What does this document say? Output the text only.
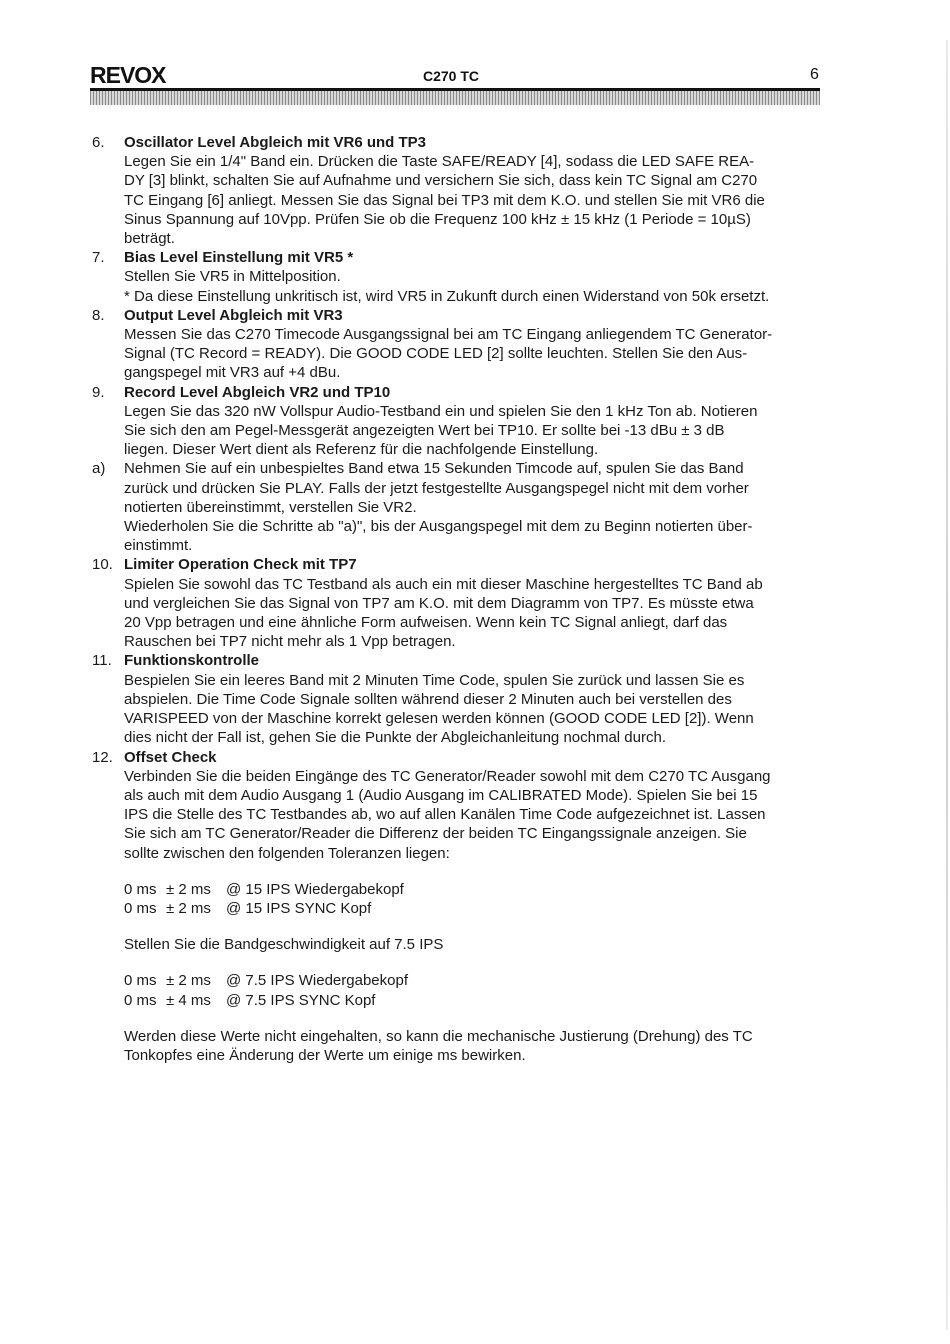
REVOX	C270 TC	6
6.	Oscillator Level Abgleich mit VR6 und TP3
Legen Sie ein 1/4" Band ein. Drücken die Taste SAFE/READY [4], sodass die LED SAFE REA-
DY [3] blinkt, schalten Sie auf Aufnahme und versichern Sie sich, dass kein TC Signal am C270
TC Eingang [6] anliegt. Messen Sie das Signal bei TP3 mit dem K.O. und stellen Sie mit VR6 die
Sinus Spannung auf 10Vpp. Prüfen Sie ob die Frequenz 100 kHz ± 15 kHz (1 Periode = 10µS)
beträgt.
7.	Bias Level Einstellung mit VR5 *
Stellen Sie VR5 in Mittelposition.
* Da diese Einstellung unkritisch ist, wird VR5 in Zukunft durch einen Widerstand von 50k ersetzt.
8.	Output Level Abgleich mit VR3
Messen Sie das C270 Timecode Ausgangssignal bei am TC Eingang anliegendem TC Generator-
Signal (TC Record = READY). Die GOOD CODE LED [2] sollte leuchten. Stellen Sie den Aus-
gangspegel mit VR3 auf +4 dBu.
9.	Record Level Abgleich VR2 und TP10
Legen Sie das 320 nW Vollspur Audio-Testband ein und spielen Sie den 1 kHz Ton ab. Notieren
Sie sich den am Pegel-Messgerät angezeigten Wert bei TP10. Er sollte bei -13 dBu ± 3 dB
liegen. Dieser Wert dient als Referenz für die nachfolgende Einstellung.
a)	Nehmen Sie auf ein unbespieltes Band etwa 15 Sekunden Timcode auf, spulen Sie das Band
zurück und drücken Sie PLAY. Falls der jetzt festgestellte Ausgangspegel nicht mit dem vorher
notierten übereinstimmt, verstellen Sie VR2.
Wiederholen Sie die Schritte ab "a)", bis der Ausgangspegel mit dem zu Beginn notierten über-
einstimmt.
10. Limiter Operation Check mit TP7
Spielen Sie sowohl das TC Testband als auch ein mit dieser Maschine hergestelltes TC Band ab
und vergleichen Sie das Signal von TP7 am K.O. mit dem Diagramm von TP7. Es müsste etwa
20 Vpp betragen und eine ähnliche Form aufweisen. Wenn kein TC Signal anliegt, darf das
Rauschen bei TP7 nicht mehr als 1 Vpp betragen.
11. Funktionskontrolle
Bespielen Sie ein leeres Band mit 2 Minuten Time Code, spulen Sie zurück und lassen Sie es
abspielen. Die Time Code Signale sollten während dieser 2 Minuten auch bei verstellen des
VARISPEED von der Maschine korrekt gelesen werden können (GOOD CODE LED [2]). Wenn
dies nicht der Fall ist, gehen Sie die Punkte der Abgleichanleitung nochmal durch.
12. Offset Check
Verbinden Sie die beiden Eingänge des TC Generator/Reader sowohl mit dem C270 TC Ausgang
als auch mit dem Audio Ausgang 1 (Audio Ausgang im CALIBRATED Mode). Spielen Sie bei 15
IPS die Stelle des TC Testbandes ab, wo auf allen Kanälen Time Code aufgezeichnet ist. Lassen
Sie sich am TC Generator/Reader die Differenz der beiden TC Eingangssignale anzeigen. Sie
sollte zwischen den folgenden Toleranzen liegen:
0 ms ± 2 ms @ 15 IPS Wiedergabekopf
0 ms ± 2 ms @ 15 IPS SYNC Kopf
Stellen Sie die Bandgeschwindigkeit auf 7.5 IPS
0 ms ± 2 ms @ 7.5 IPS Wiedergabekopf
0 ms ± 4 ms @ 7.5 IPS SYNC Kopf
Werden diese Werte nicht eingehalten, so kann die mechanische Justierung (Drehung) des TC
Tonkopfes eine Änderung der Werte um einige ms bewirken.
